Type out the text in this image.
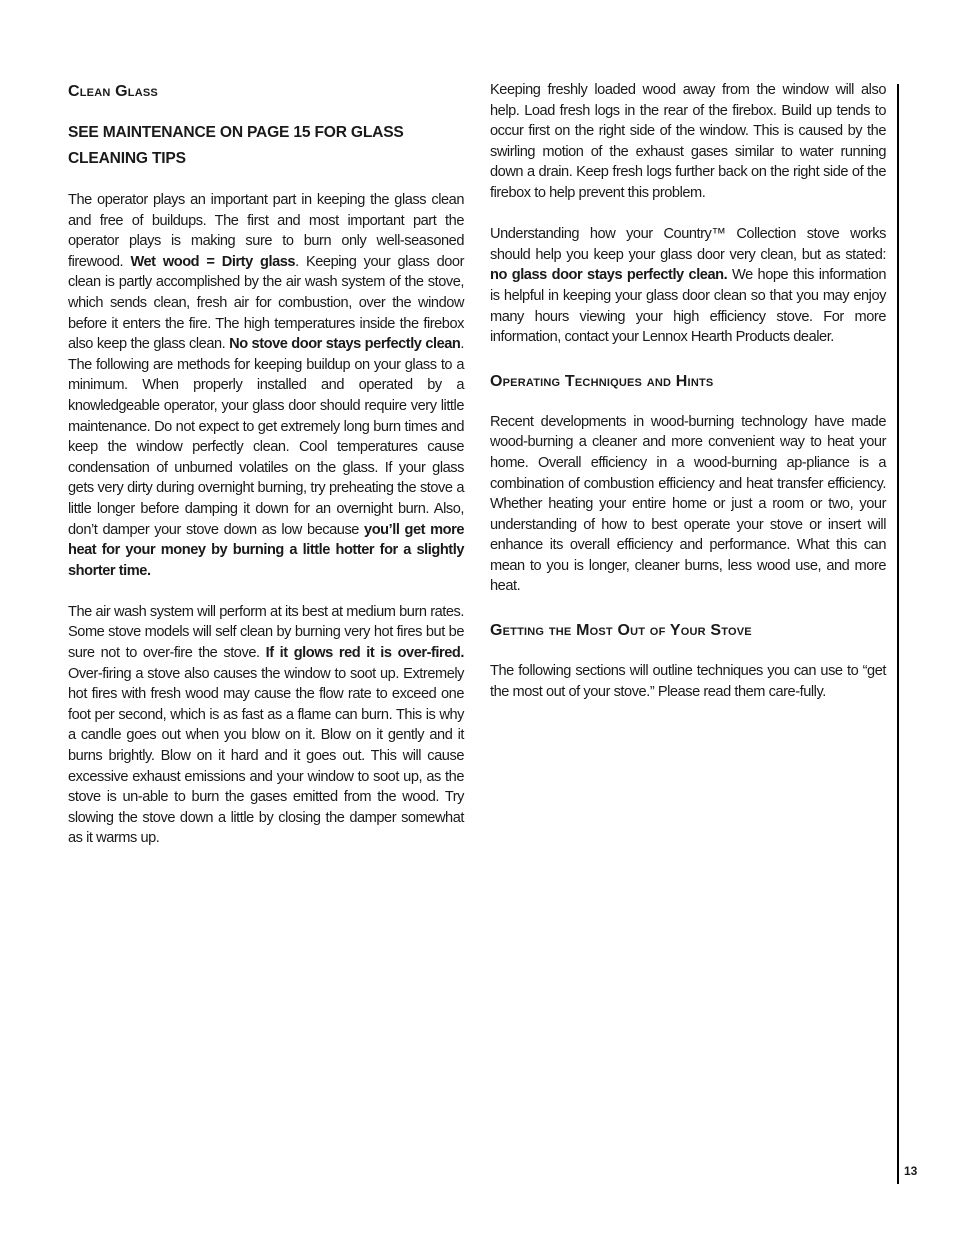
Clean Glass
SEE MAINTENANCE ON PAGE 15 FOR GLASS CLEANING TIPS

The operator plays an important part in keeping the glass clean and free of buildups. The first and most important part the operator plays is making sure to burn only well-seasoned firewood. Wet wood = Dirty glass. Keeping your glass door clean is partly accomplished by the air wash system of the stove, which sends clean, fresh air for combustion, over the window before it enters the fire. The high temperatures inside the firebox also keep the glass clean. No stove door stays perfectly clean. The following are methods for keeping buildup on your glass to a minimum. When properly installed and operated by a knowledgeable operator, your glass door should require very little maintenance. Do not expect to get extremely long burn times and keep the window perfectly clean. Cool temperatures cause condensation of unburned volatiles on the glass. If your glass gets very dirty during overnight burning, try preheating the stove a little longer before damping it down for an overnight burn. Also, don’t damper your stove down as low because you’ll get more heat for your money by burning a little hotter for a slightly shorter time.

The air wash system will perform at its best at medium burn rates. Some stove models will self clean by burning very hot fires but be sure not to over-fire the stove. If it glows red it is over-fired. Over-firing a stove also causes the window to soot up. Extremely hot fires with fresh wood may cause the flow rate to exceed one foot per second, which is as fast as a flame can burn. This is why a candle goes out when you blow on it. Blow on it gently and it burns brightly. Blow on it hard and it goes out. This will cause excessive exhaust emissions and your window to soot up, as the stove is un-able to burn the gases emitted from the wood. Try slowing the stove down a little by closing the damper somewhat as it warms up.

Keeping freshly loaded wood away from the window will also help. Load fresh logs in the rear of the firebox. Build up tends to occur first on the right side of the window. This is caused by the swirling motion of the exhaust gases similar to water running down a drain. Keep fresh logs further back on the right side of the firebox to help prevent this problem.

Understanding how your Country™ Collection stove works should help you keep your glass door very clean, but as stated: no glass door stays perfectly clean. We hope this information is helpful in keeping your glass door clean so that you may enjoy many hours viewing your high efficiency stove. For more information, contact your Lennox Hearth Products dealer.

Operating Techniques and Hints

Recent developments in wood-burning technology have made wood-burning a cleaner and more convenient way to heat your home. Overall efficiency in a wood-burning ap-pliance is a combination of combustion efficiency and heat transfer efficiency. Whether heating your entire home or just a room or two, your understanding of how to best operate your stove or insert will enhance its overall efficiency and performance. What this can mean to you is longer, cleaner burns, less wood use, and more heat.

Getting the Most Out of Your Stove

The following sections will outline techniques you can use to “get the most out of your stove.” Please read them care-fully.

13
